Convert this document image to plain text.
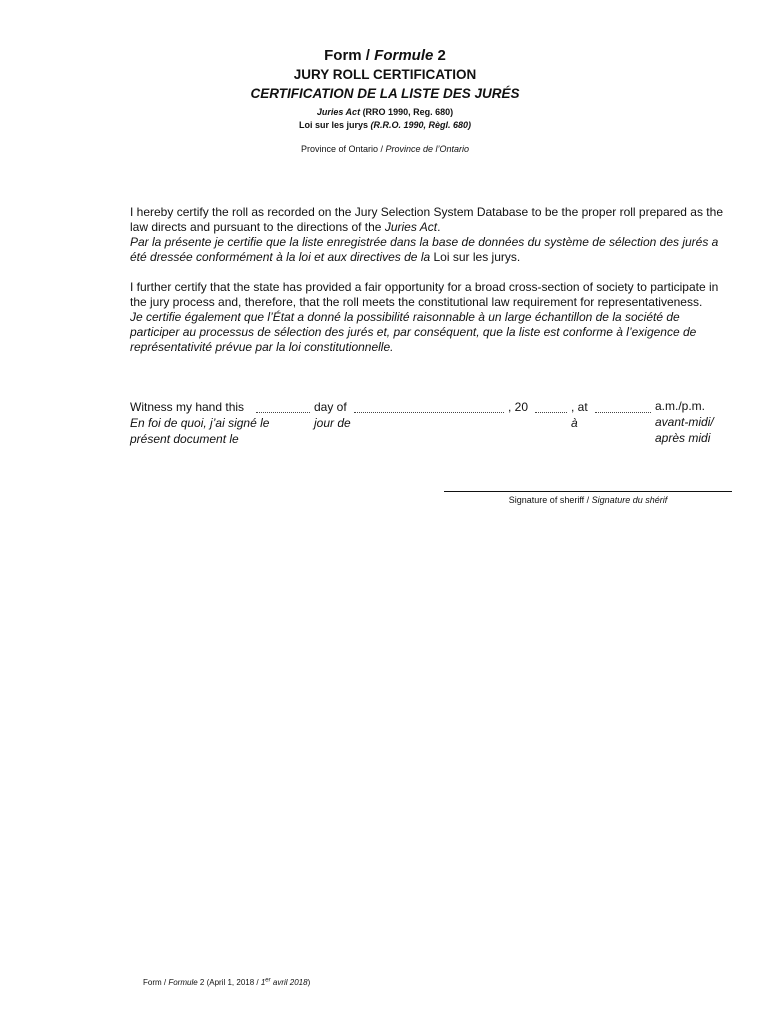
Form / Formule 2
JURY ROLL CERTIFICATION
CERTIFICATION DE LA LISTE DES JURÉS
Juries Act (RRO 1990, Reg. 680)
Loi sur les jurys (R.R.O. 1990, Règl. 680)
Province of Ontario / Province de l’Ontario
I hereby certify the roll as recorded on the Jury Selection System Database to be the proper roll prepared as the law directs and pursuant to the directions of the Juries Act.
Par la présente je certifie que la liste enregistrée dans la base de données du système de sélection des jurés a été dressée conformément à la loi et aux directives de la Loi sur les jurys.
I further certify that the state has provided a fair opportunity for a broad cross-section of society to participate in the jury process and, therefore, that the roll meets the constitutional law requirement for representativeness.
Je certifie également que l’État a donné la possibilité raisonnable à un large échantillon de la société de participer au processus de sélection des jurés et, par conséquent, que la liste est conforme à l’exigence de représentativité prévue par la loi constitutionnelle.
Witness my hand this
En foi de quoi, j’ai signé le
présent document le
day of
jour de
, 20	, at
à
a.m./p.m.
avant-midi/
après midi
Signature of sheriff / Signature du shérif
Form / Formule 2 (April 1, 2018 / 1er avril 2018)
